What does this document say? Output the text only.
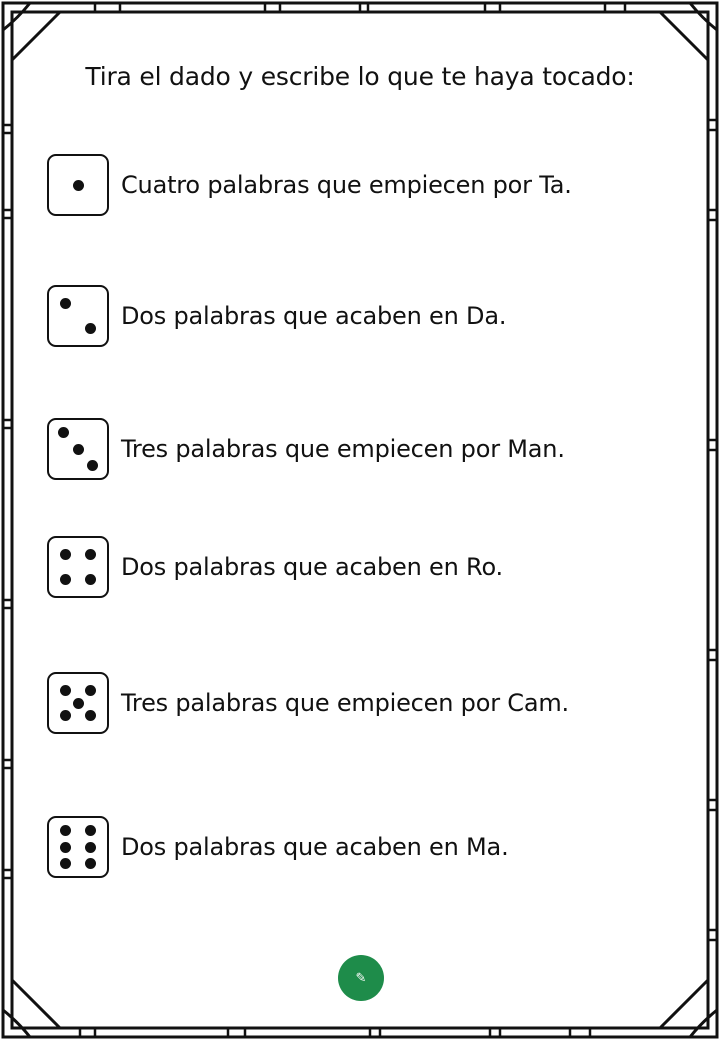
Tira el dado y escribe lo que te haya tocado:
Cuatro palabras que empiecen por Ta.
Dos palabras que acaben en Da.
Tres palabras que empiecen por Man.
Dos palabras que acaben en Ro.
Tres palabras que empiecen por Cam.
Dos palabras que acaben en Ma.
✎
